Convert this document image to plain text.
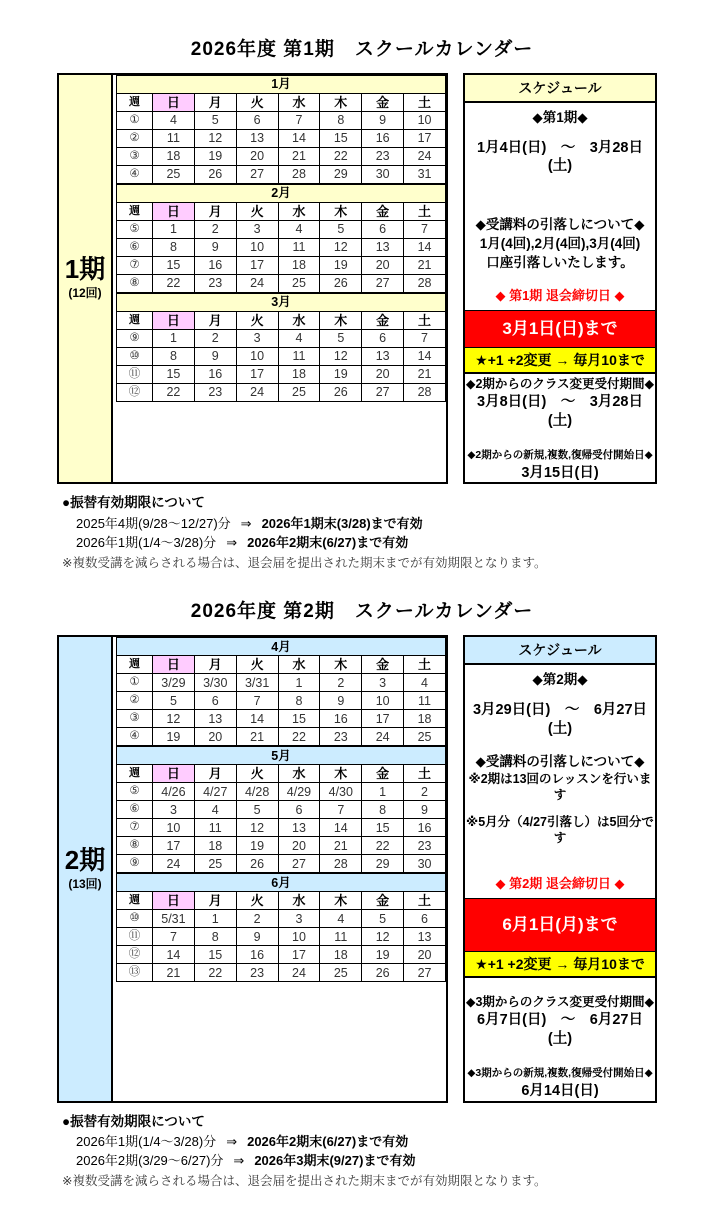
2026年度 第1期　スクールカレンダー
1期
(12回)
1月							
週	日	月	火	水	木	金	土
①	4	5	6	7	8	9	10
②	11	12	13	14	15	16	17
③	18	19	20	21	22	23	24
④	25	26	27	28	29	30	31
2月							
週	日	月	火	水	木	金	土
⑤	1	2	3	4	5	6	7
⑥	8	9	10	11	12	13	14
⑦	15	16	17	18	19	20	21
⑧	22	23	24	25	26	27	28
3月							
週	日	月	火	水	木	金	土
⑨	1	2	3	4	5	6	7
⑩	8	9	10	11	12	13	14
⑪	15	16	17	18	19	20	21
⑫	22	23	24	25	26	27	28
スケジュール
◆第1期◆
1月4日(日)　～　3月28日(土)
◆受講料の引落しについて◆
1月(4回),2月(4回),3月(4回)
口座引落しいたします。
◆ 第1期 退会締切日 ◆
3月1日(日)まで
★+1 +2変更 → 毎月10まで
◆2期からのクラス変更受付期間◆
3月8日(日)　～　3月28日(土)
◆2期からの新規,複数,復帰受付開始日◆
3月15日(日)
●振替有効期限について
2025年4期(9/28～12/27)分 ⇒ 2026年1期末(3/28)まで有効
2026年1期(1/4～3/28)分 ⇒ 2026年2期末(6/27)まで有効
※複数受講を減らされる場合は、退会届を提出された期末までが有効期限となります。
2026年度 第2期　スクールカレンダー
2期
(13回)
4月							
週	日	月	火	水	木	金	土
①	3/29	3/30	3/31	1	2	3	4
②	5	6	7	8	9	10	11
③	12	13	14	15	16	17	18
④	19	20	21	22	23	24	25
5月							
週	日	月	火	水	木	金	土
⑤	4/26	4/27	4/28	4/29	4/30	1	2
⑥	3	4	5	6	7	8	9
⑦	10	11	12	13	14	15	16
⑧	17	18	19	20	21	22	23
⑨	24	25	26	27	28	29	30
6月							
週	日	月	火	水	木	金	土
⑩	5/31	1	2	3	4	5	6
⑪	7	8	9	10	11	12	13
⑫	14	15	16	17	18	19	20
⑬	21	22	23	24	25	26	27
スケジュール
◆第2期◆
3月29日(日)　～　6月27日(土)
◆受講料の引落しについて◆
※2期は13回のレッスンを行います
※5月分（4/27引落し）は5回分です
◆ 第2期 退会締切日 ◆
6月1日(月)まで
★+1 +2変更 → 毎月10まで
◆3期からのクラス変更受付期間◆
6月7日(日)　～　6月27日(土)
◆3期からの新規,複数,復帰受付開始日◆
6月14日(日)
●振替有効期限について
2026年1期(1/4～3/28)分 ⇒ 2026年2期末(6/27)まで有効
2026年2期(3/29～6/27)分 ⇒ 2026年3期末(9/27)まで有効
※複数受講を減らされる場合は、退会届を提出された期末までが有効期限となります。
